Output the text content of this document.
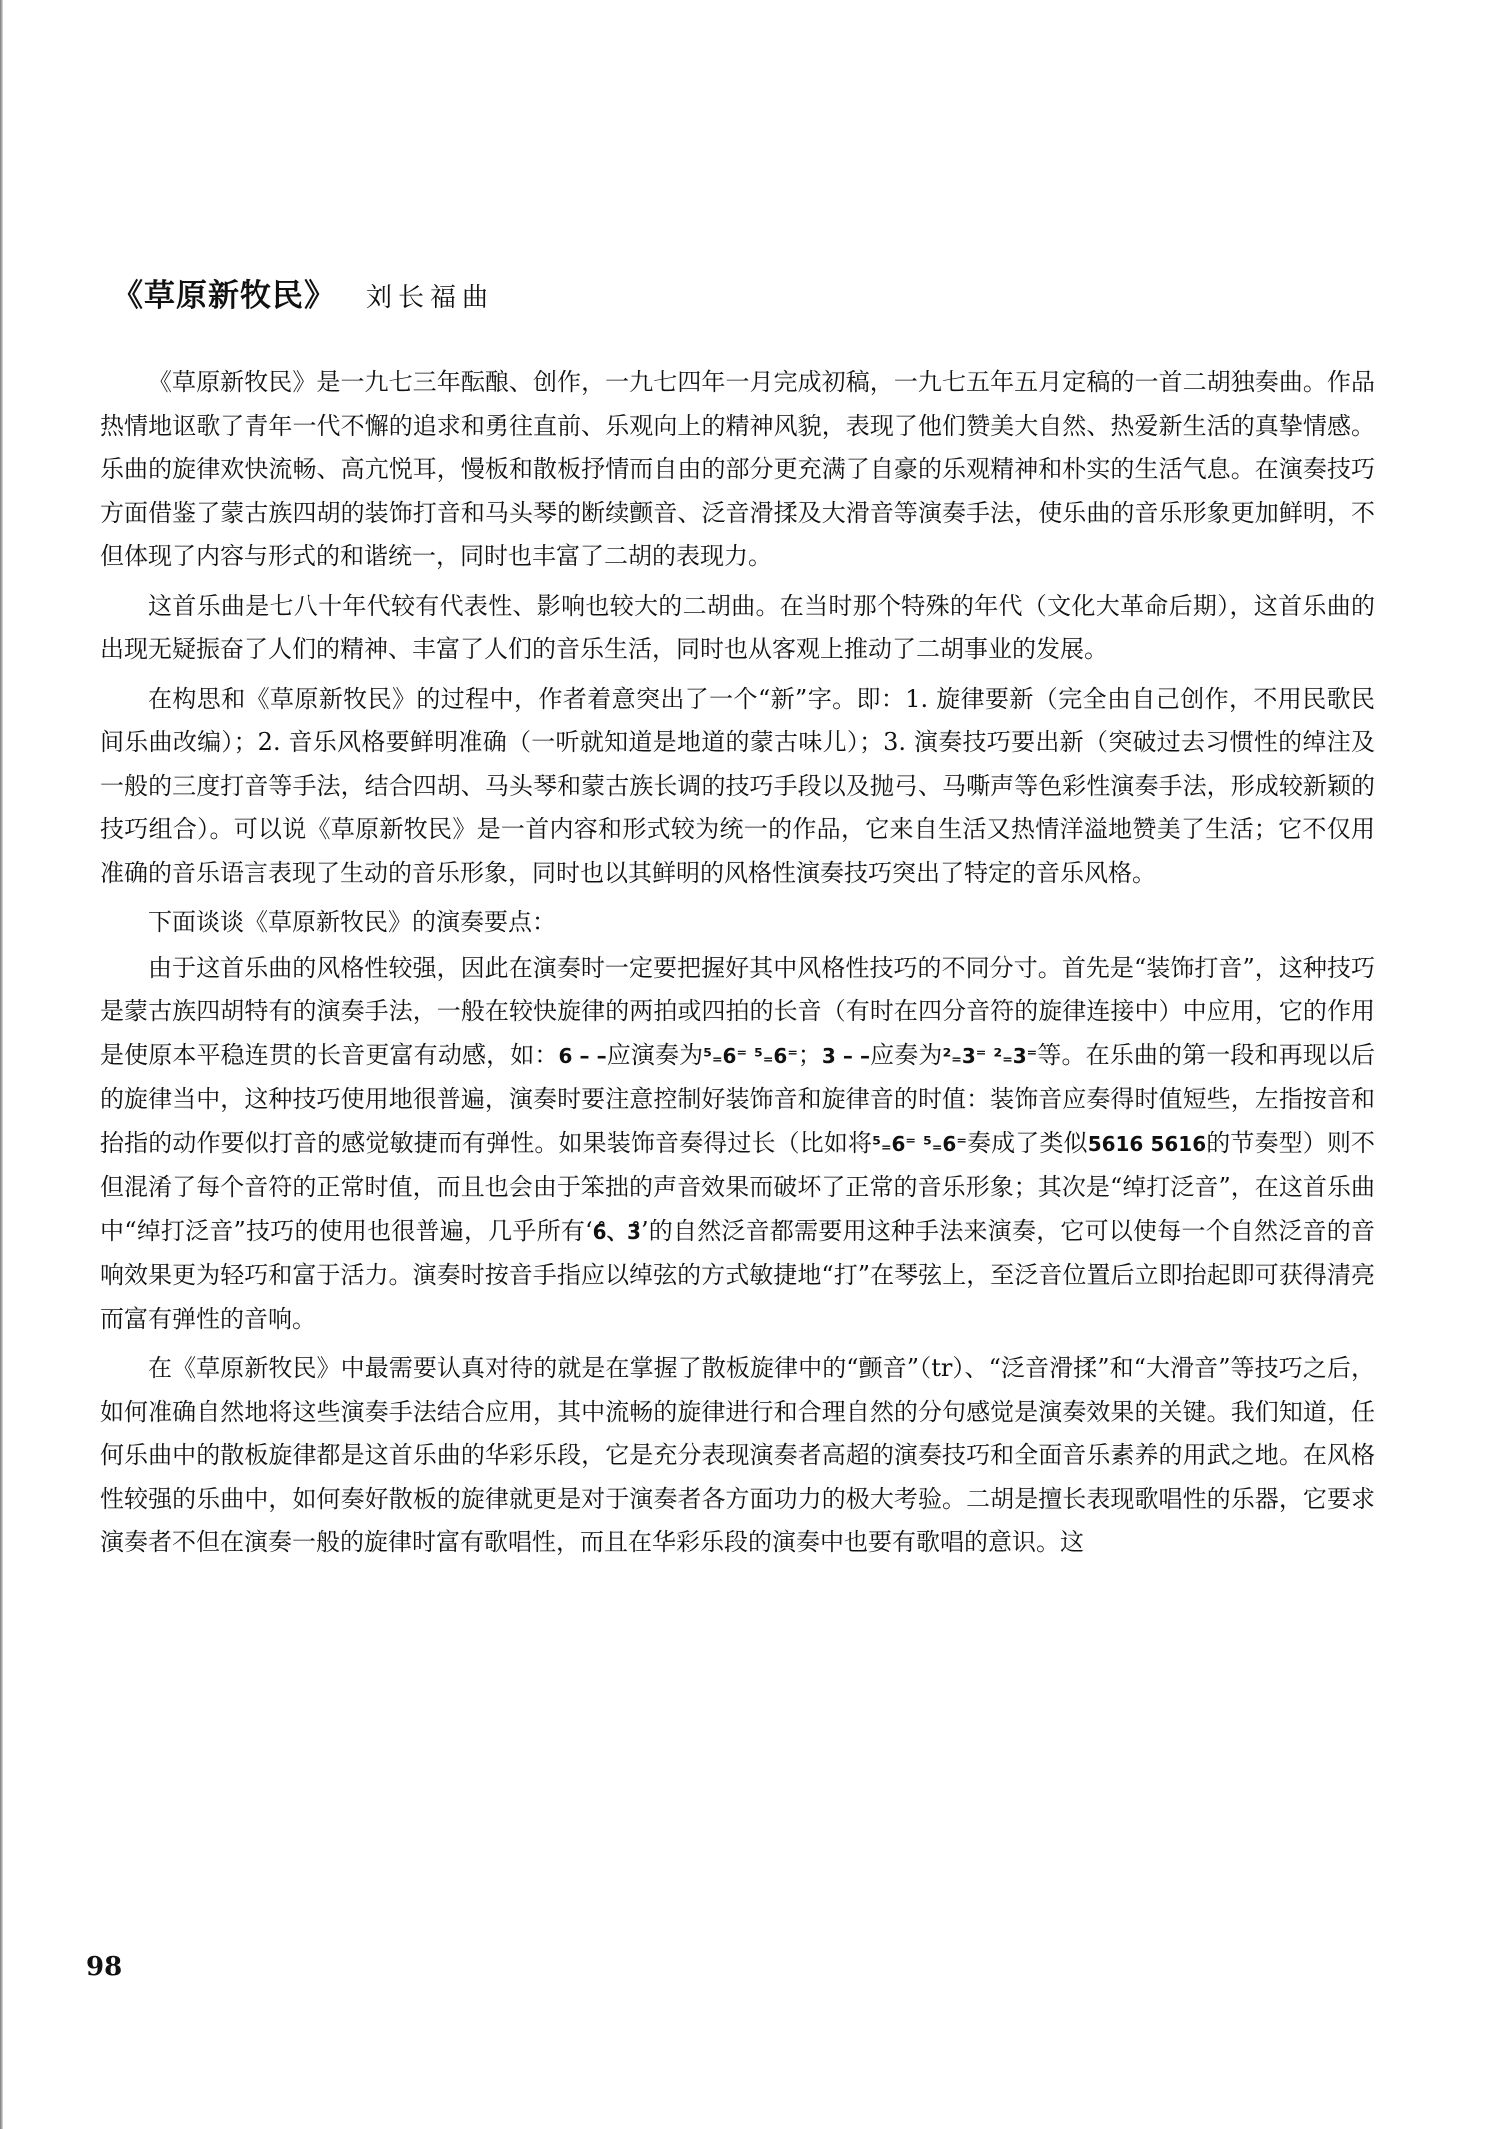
《草原新牧民》 刘长福曲

《草原新牧民》是一九七三年酝酿、创作，一九七四年一月完成初稿，一九七五年五月定稿的一首二胡独奏曲。作品热情地讴歌了青年一代不懈的追求和勇往直前、乐观向上的精神风貌，表现了他们赞美大自然、热爱新生活的真挚情感。乐曲的旋律欢快流畅、高亢悦耳，慢板和散板抒情而自由的部分更充满了自豪的乐观精神和朴实的生活气息。在演奏技巧方面借鉴了蒙古族四胡的装饰打音和马头琴的断续颤音、泛音滑揉及大滑音等演奏手法，使乐曲的音乐形象更加鲜明，不但体现了内容与形式的和谐统一，同时也丰富了二胡的表现力。

这首乐曲是七八十年代较有代表性、影响也较大的二胡曲。在当时那个特殊的年代（文化大革命后期），这首乐曲的出现无疑振奋了人们的精神、丰富了人们的音乐生活，同时也从客观上推动了二胡事业的发展。

在构思和《草原新牧民》的过程中，作者着意突出了一个“新”字。即：1. 旋律要新（完全由自己创作，不用民歌民间乐曲改编）；2. 音乐风格要鲜明准确（一听就知道是地道的蒙古味儿）；3. 演奏技巧要出新（突破过去习惯性的绰注及一般的三度打音等手法，结合四胡、马头琴和蒙古族长调的技巧手段以及抛弓、马嘶声等色彩性演奏手法，形成较新颖的技巧组合）。可以说《草原新牧民》是一首内容和形式较为统一的作品，它来自生活又热情洋溢地赞美了生活；它不仅用准确的音乐语言表现了生动的音乐形象，同时也以其鲜明的风格性演奏技巧突出了特定的音乐风格。

下面谈谈《草原新牧民》的演奏要点：

由于这首乐曲的风格性较强，因此在演奏时一定要把握好其中风格性技巧的不同分寸。首先是“装饰打音”，这种技巧是蒙古族四胡特有的演奏手法，一般在较快旋律的两拍或四拍的长音（有时在四分音符的旋律连接中）中应用，它的作用是使原本平稳连贯的长音更富有动感，如：6 – –应演奏为⁵₌6⁼ ⁵₌6⁼；3 – –应奏为²₌3⁼ ²₌3⁼等。在乐曲的第一段和再现以后的旋律当中，这种技巧使用地很普遍，演奏时要注意控制好装饰音和旋律音的时值：装饰音应奏得时值短些，左指按音和抬指的动作要似打音的感觉敏捷而有弹性。如果装饰音奏得过长（比如将⁵₌6⁼ ⁵₌6⁼奏成了类似5616 5616的节奏型）则不但混淆了每个音符的正常时值，而且也会由于笨拙的声音效果而破坏了正常的音乐形象；其次是“绰打泛音”，在这首乐曲中“绰打泛音”技巧的使用也很普遍，几乎所有‘6̊、3̊’的自然泛音都需要用这种手法来演奏，它可以使每一个自然泛音的音响效果更为轻巧和富于活力。演奏时按音手指应以绰弦的方式敏捷地“打”在琴弦上，至泛音位置后立即抬起即可获得清亮而富有弹性的音响。

在《草原新牧民》中最需要认真对待的就是在掌握了散板旋律中的“颤音”（tr）、“泛音滑揉”和“大滑音”等技巧之后，如何准确自然地将这些演奏手法结合应用，其中流畅的旋律进行和合理自然的分句感觉是演奏效果的关键。我们知道，任何乐曲中的散板旋律都是这首乐曲的华彩乐段，它是充分表现演奏者高超的演奏技巧和全面音乐素养的用武之地。在风格性较强的乐曲中，如何奏好散板的旋律就更是对于演奏者各方面功力的极大考验。二胡是擅长表现歌唱性的乐器，它要求演奏者不但在演奏一般的旋律时富有歌唱性，而且在华彩乐段的演奏中也要有歌唱的意识。这

98
